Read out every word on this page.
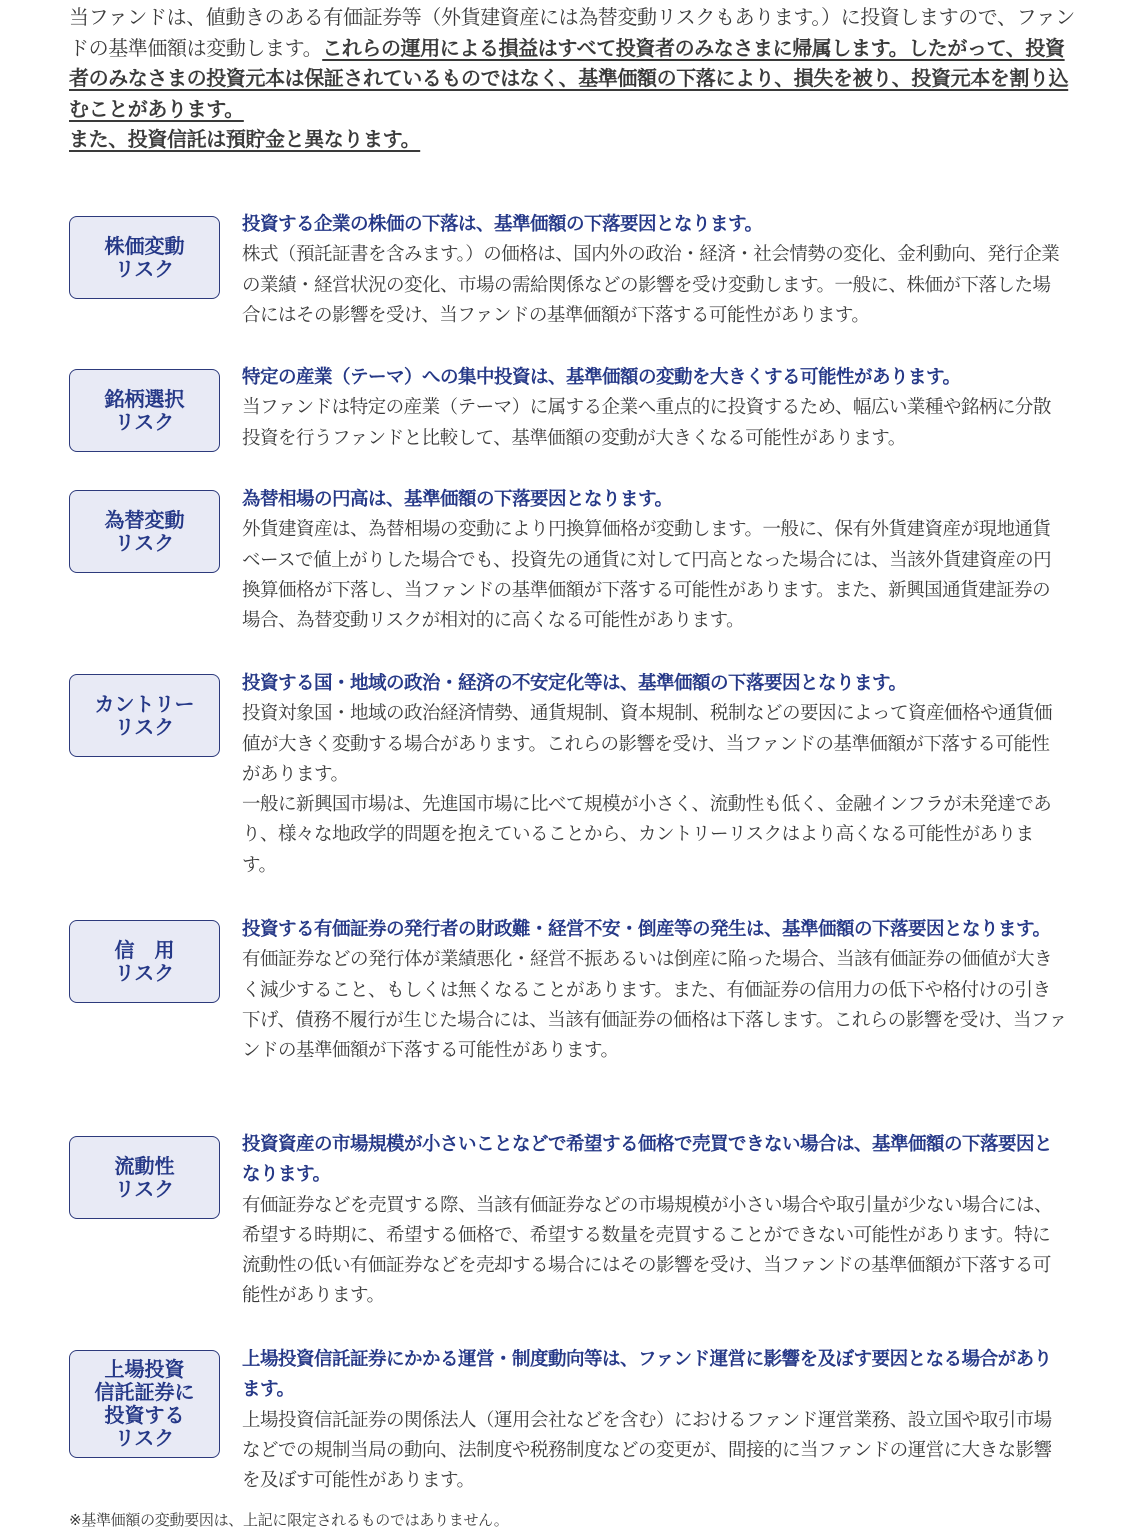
当ファンドは、値動きのある有価証券等（外貨建資産には為替変動リスクもあります。）に投資しますので、ファンドの基準価額は変動します。これらの運用による損益はすべて投資者のみなさまに帰属します。したがって、投資者のみなさまの投資元本は保証されているものではなく、基準価額の下落により、損失を被り、投資元本を割り込むことがあります。
また、投資信託は預貯金と異なります。
株価変動
リスク
投資する企業の株価の下落は、基準価額の下落要因となります。
株式（預託証書を含みます。）の価格は、国内外の政治・経済・社会情勢の変化、金利動向、発行企業の業績・経営状況の変化、市場の需給関係などの影響を受け変動します。一般に、株価が下落した場合にはその影響を受け、当ファンドの基準価額が下落する可能性があります。
銘柄選択
リスク
特定の産業（テーマ）への集中投資は、基準価額の変動を大きくする可能性があります。
当ファンドは特定の産業（テーマ）に属する企業へ重点的に投資するため、幅広い業種や銘柄に分散投資を行うファンドと比較して、基準価額の変動が大きくなる可能性があります。
為替変動
リスク
為替相場の円高は、基準価額の下落要因となります。
外貨建資産は、為替相場の変動により円換算価格が変動します。一般に、保有外貨建資産が現地通貨ベースで値上がりした場合でも、投資先の通貨に対して円高となった場合には、当該外貨建資産の円換算価格が下落し、当ファンドの基準価額が下落する可能性があります。また、新興国通貨建証券の場合、為替変動リスクが相対的に高くなる可能性があります。
カントリー
リスク
投資する国・地域の政治・経済の不安定化等は、基準価額の下落要因となります。
投資対象国・地域の政治経済情勢、通貨規制、資本規制、税制などの要因によって資産価格や通貨価値が大きく変動する場合があります。これらの影響を受け、当ファンドの基準価額が下落する可能性があります。
一般に新興国市場は、先進国市場に比べて規模が小さく、流動性も低く、金融インフラが未発達であり、様々な地政学的問題を抱えていることから、カントリーリスクはより高くなる可能性があります。
信　用
リスク
投資する有価証券の発行者の財政難・経営不安・倒産等の発生は、基準価額の下落要因となります。
有価証券などの発行体が業績悪化・経営不振あるいは倒産に陥った場合、当該有価証券の価値が大きく減少すること、もしくは無くなることがあります。また、有価証券の信用力の低下や格付けの引き下げ、債務不履行が生じた場合には、当該有価証券の価格は下落します。これらの影響を受け、当ファンドの基準価額が下落する可能性があります。
流動性
リスク
投資資産の市場規模が小さいことなどで希望する価格で売買できない場合は、基準価額の下落要因となります。
有価証券などを売買する際、当該有価証券などの市場規模が小さい場合や取引量が少ない場合には、希望する時期に、希望する価格で、希望する数量を売買することができない可能性があります。特に流動性の低い有価証券などを売却する場合にはその影響を受け、当ファンドの基準価額が下落する可能性があります。
上場投資
信託証券に
投資する
リスク
上場投資信託証券にかかる運営・制度動向等は、ファンド運営に影響を及ぼす要因となる場合があります。
上場投資信託証券の関係法人（運用会社などを含む）におけるファンド運営業務、設立国や取引市場などでの規制当局の動向、法制度や税務制度などの変更が、間接的に当ファンドの運営に大きな影響を及ぼす可能性があります。
※基準価額の変動要因は、上記に限定されるものではありません。
